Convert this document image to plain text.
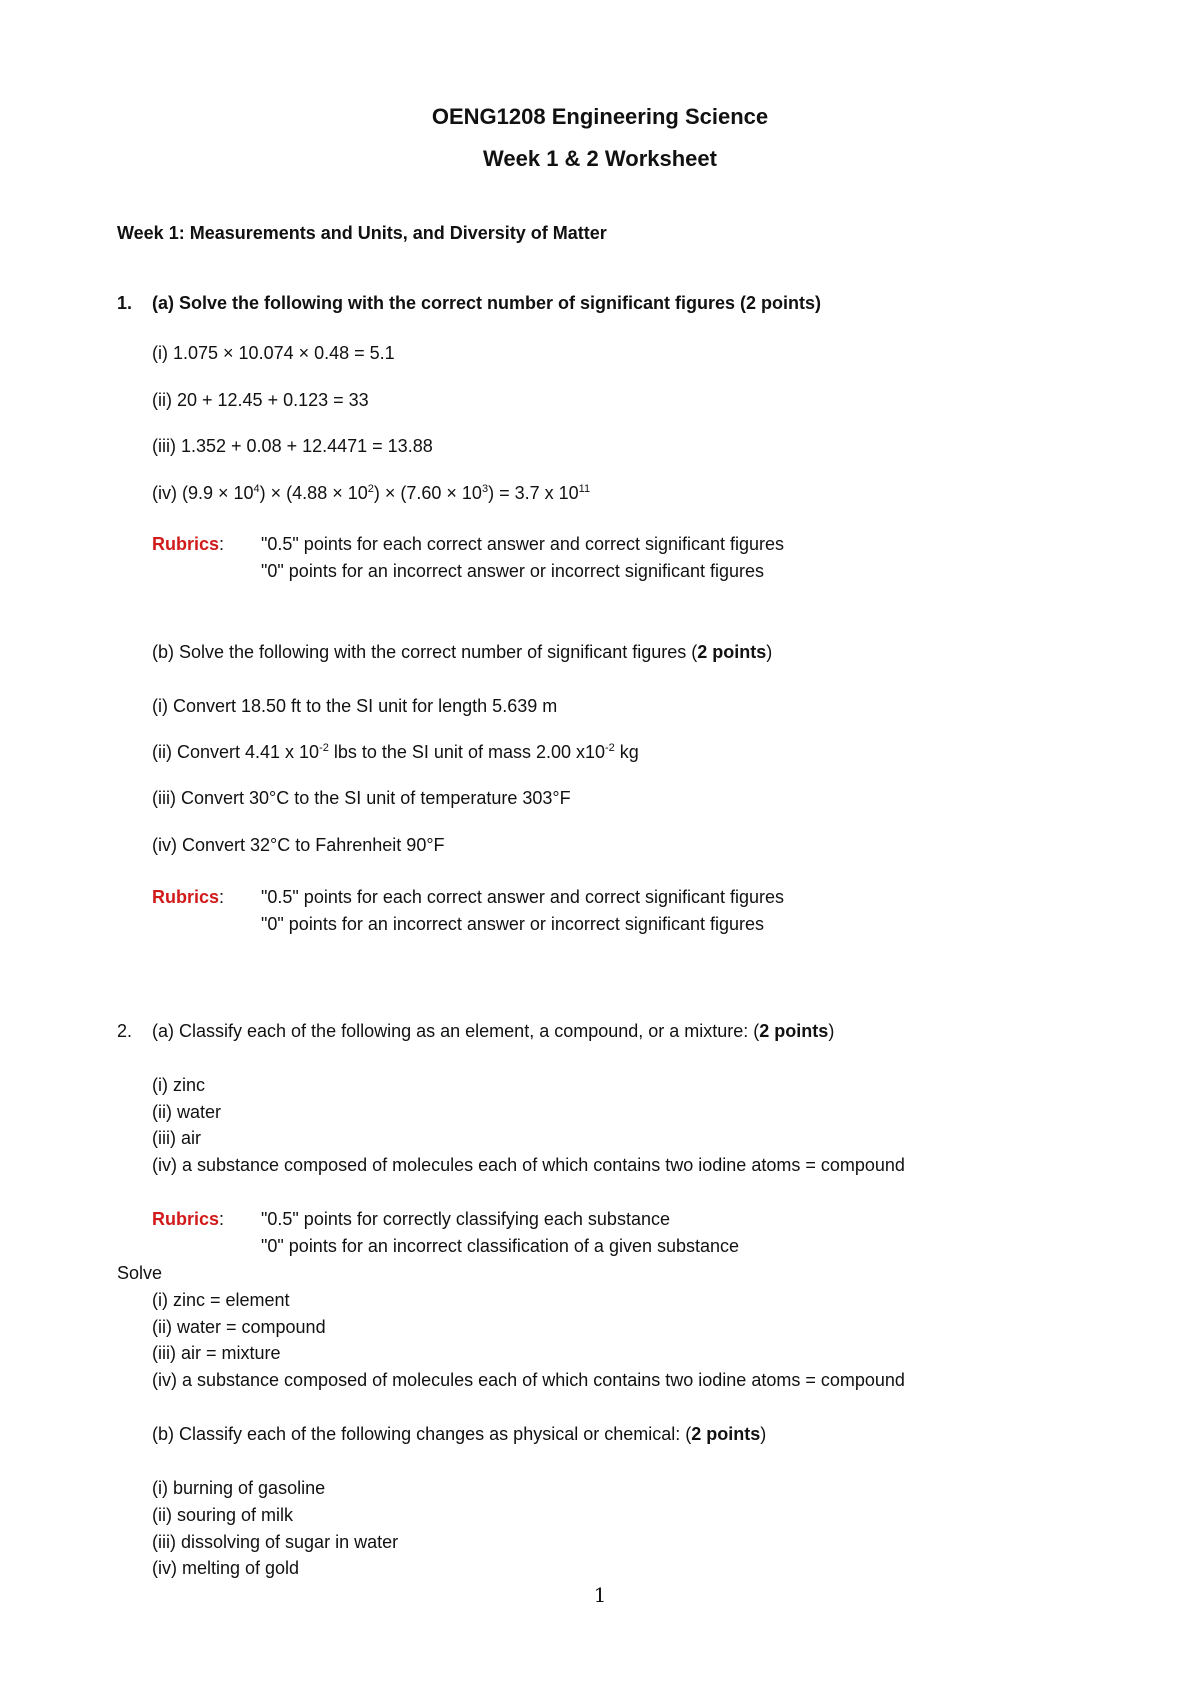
OENG1208 Engineering Science
Week 1 & 2 Worksheet
Week 1: Measurements and Units, and Diversity of Matter
1. (a) Solve the following with the correct number of significant figures (2 points)
(i) 1.075 × 10.074 × 0.48 = 5.1
(ii) 20 + 12.45 + 0.123 = 33
(iii) 1.352 + 0.08 + 12.4471 = 13.88
(iv) $(9.9 \times 10^4) \times (4.88 \times 10^2) \times (7.60 \times 10^3) = 3.7$ x $10^{11}$
Rubrics: "0.5" points for each correct answer and correct significant figures
"0" points for an incorrect answer or incorrect significant figures
(b) Solve the following with the correct number of significant figures (2 points)
(i) Convert 18.50 ft to the SI unit for length 5.639 m
(ii) Convert 4.41 x $10^{-2}$ lbs to the SI unit of mass 2.00 $x10^{-2}$ kg
(iii) Convert 30°C to the SI unit of temperature 303°F
(iv) Convert 32°C to Fahrenheit 90°F
Rubrics: "0.5" points for each correct answer and correct significant figures
"0" points for an incorrect answer or incorrect significant figures
2. (a) Classify each of the following as an element, a compound, or a mixture: (2 points)
(i) zinc
(ii) water
(iii) air
(iv) a substance composed of molecules each of which contains two iodine atoms = compound
Rubrics: "0.5" points for correctly classifying each substance
"0" points for an incorrect classification of a given substance
Solve
(i) zinc = element
(ii) water = compound
(iii) air = mixture
(iv) a substance composed of molecules each of which contains two iodine atoms = compound
(b) Classify each of the following changes as physical or chemical: (2 points)
(i) burning of gasoline
(ii) souring of milk
(iii) dissolving of sugar in water
(iv) melting of gold
1
